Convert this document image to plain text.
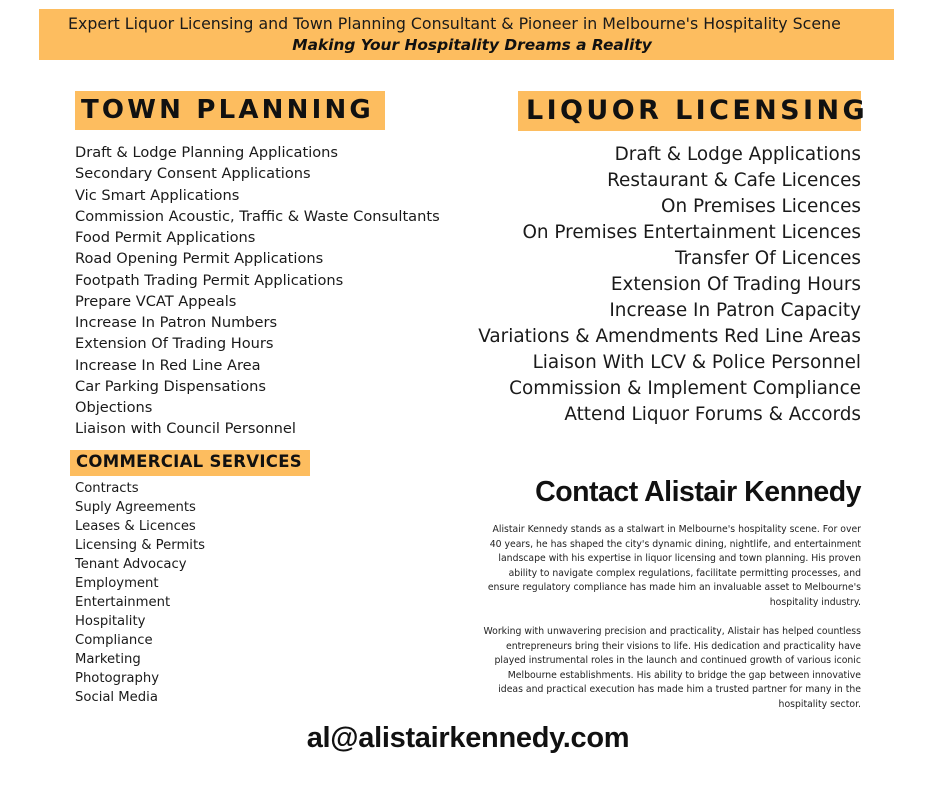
Expert Liquor Licensing and Town Planning Consultant & Pioneer in Melbourne's Hospitality Scene
Making Your Hospitality Dreams a Reality
TOWN PLANNING
Draft & Lodge Planning Applications
Secondary Consent Applications
Vic Smart Applications
Commission Acoustic, Traffic & Waste Consultants
Food Permit Applications
Road Opening Permit Applications
Footpath Trading Permit Applications
Prepare VCAT Appeals
Increase In Patron Numbers
Extension Of Trading Hours
Increase In Red Line Area
Car Parking Dispensations
Objections
Liaison with Council Personnel
LIQUOR LICENSING
Draft & Lodge Applications
Restaurant & Cafe Licences
On Premises Licences
On Premises Entertainment Licences
Transfer Of Licences
Extension Of Trading Hours
Increase In Patron Capacity
Variations & Amendments Red Line Areas
Liaison With LCV & Police Personnel
Commission & Implement Compliance
Attend Liquor Forums & Accords
COMMERCIAL SERVICES
Contracts
Suply Agreements
Leases & Licences
Licensing & Permits
Tenant Advocacy
Employment
Entertainment
Hospitality
Compliance
Marketing
Photography
Social Media
Contact Alistair Kennedy

Alistair Kennedy stands as a stalwart in Melbourne's hospitality scene. For over 40 years, he has shaped the city's dynamic dining, nightlife, and entertainment landscape with his expertise in liquor licensing and town planning. His proven ability to navigate complex regulations, facilitate permitting processes, and ensure regulatory compliance has made him an invaluable asset to Melbourne's hospitality industry.

Working with unwavering precision and practicality, Alistair has helped countless entrepreneurs bring their visions to life. His dedication and practicality have played instrumental roles in the launch and continued growth of various iconic Melbourne establishments. His ability to bridge the gap between innovative ideas and practical execution has made him a trusted partner for many in the hospitality sector.

al@alistairkennedy.com
